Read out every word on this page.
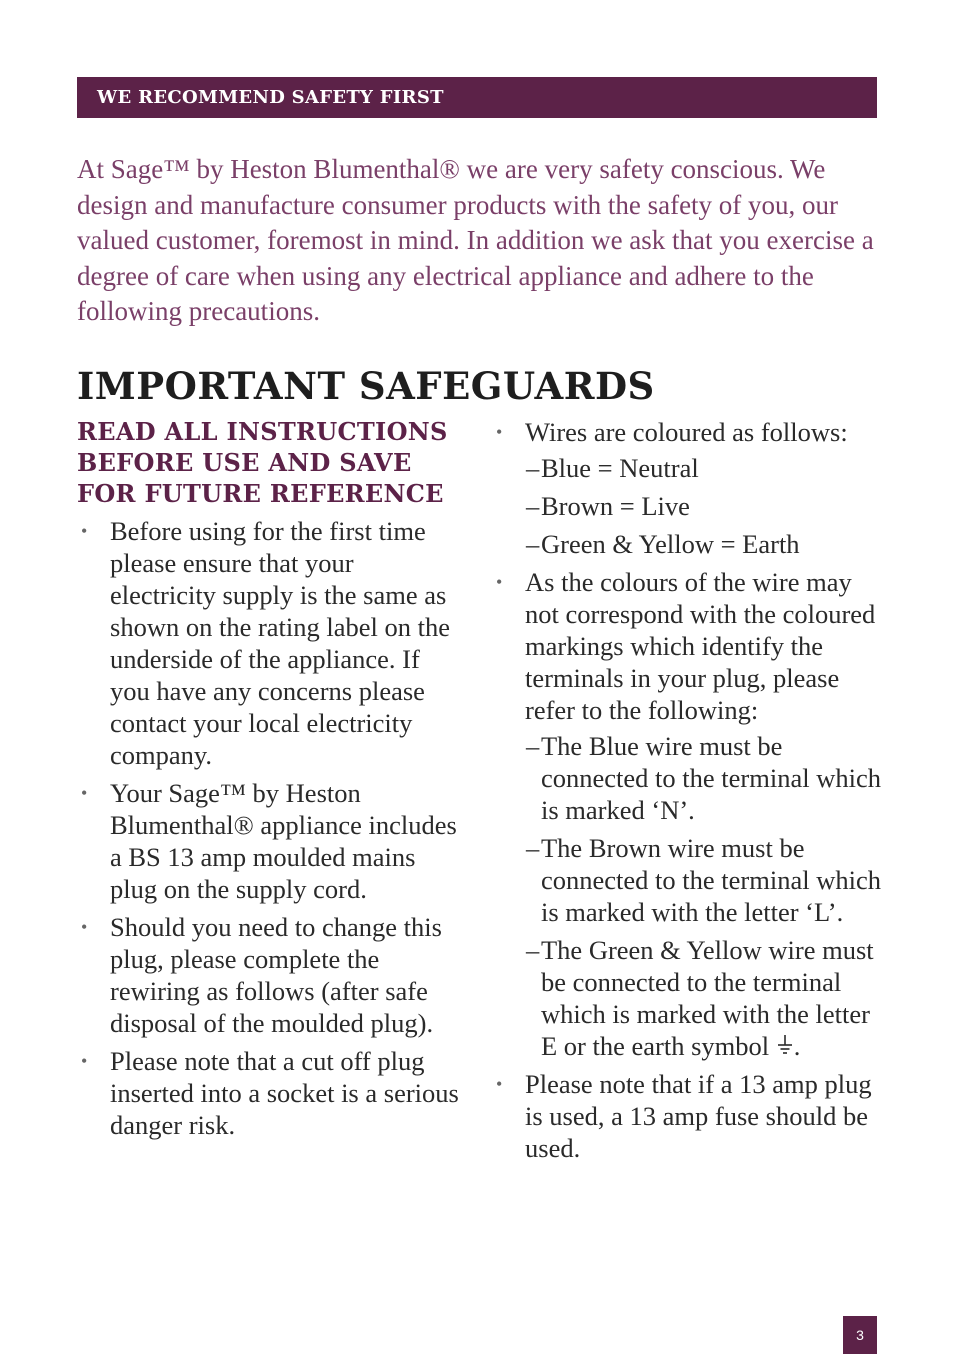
WE RECOMMEND SAFETY FIRST

At Sage™ by Heston Blumenthal® we are very safety conscious. We design and manufacture consumer products with the safety of you, our valued customer, foremost in mind. In addition we ask that you exercise a degree of care when using any electrical appliance and adhere to the following precautions.

IMPORTANT SAFEGUARDS
READ ALL INSTRUCTIONS BEFORE USE AND SAVE FOR FUTURE REFERENCE
• Before using for the first time please ensure that your electricity supply is the same as shown on the rating label on the underside of the appliance. If you have any concerns please contact your local electricity company.
• Your Sage™ by Heston Blumenthal® appliance includes a BS 13 amp moulded mains plug on the supply cord.
• Should you need to change this plug, please complete the rewiring as follows (after safe disposal of the moulded plug).
• Please note that a cut off plug inserted into a socket is a serious danger risk.
• Wires are coloured as follows:
– Blue = Neutral
– Brown = Live
– Green & Yellow = Earth
• As the colours of the wire may not correspond with the coloured markings which identify the terminals in your plug, please refer to the following:
– The Blue wire must be connected to the terminal which is marked ‘N’.
– The Brown wire must be connected to the terminal which is marked with the letter ‘L’.
– The Green & Yellow wire must be connected to the terminal which is marked with the letter E or the earth symbol .
• Please note that if a 13 amp plug is used, a 13 amp fuse should be used.
3
